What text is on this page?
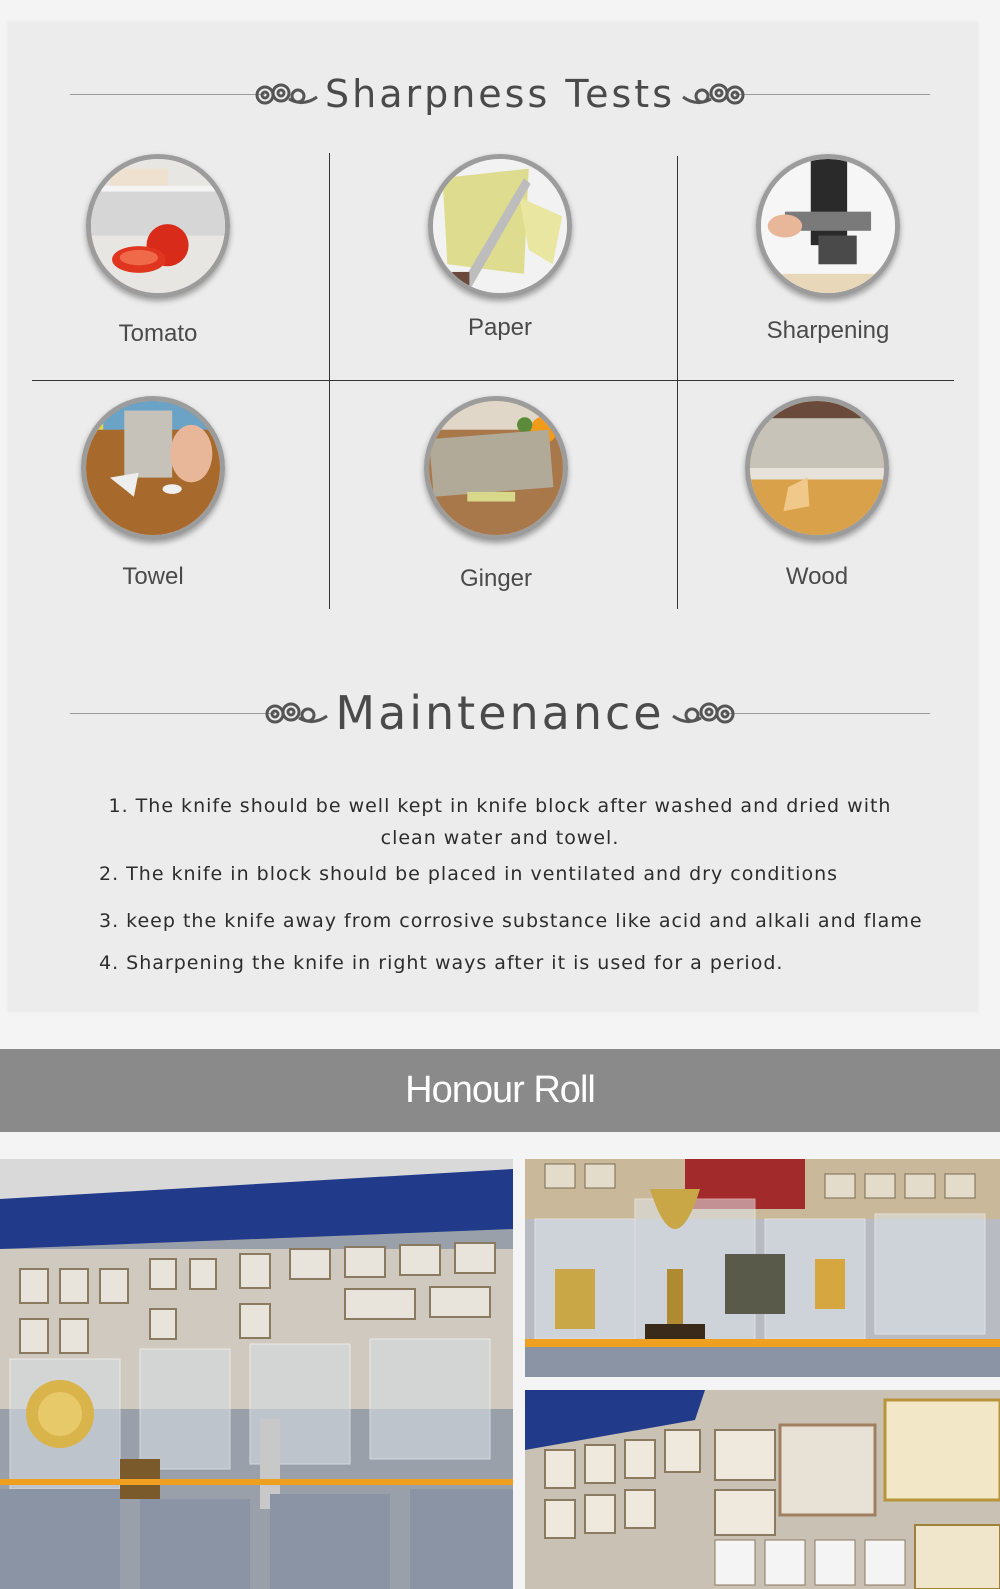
Sharpness Tests
Tomato	Paper	Sharpening
Towel	Ginger	Wood
Maintenance
1. The knife should be well kept in knife block after washed and dried with clean water and towel.
2. The knife in block should be placed in ventilated and dry conditions
3. keep the knife away from corrosive substance like acid and alkali and flame
4. Sharpening the knife in right ways after it is used for a period.
Honour Roll
